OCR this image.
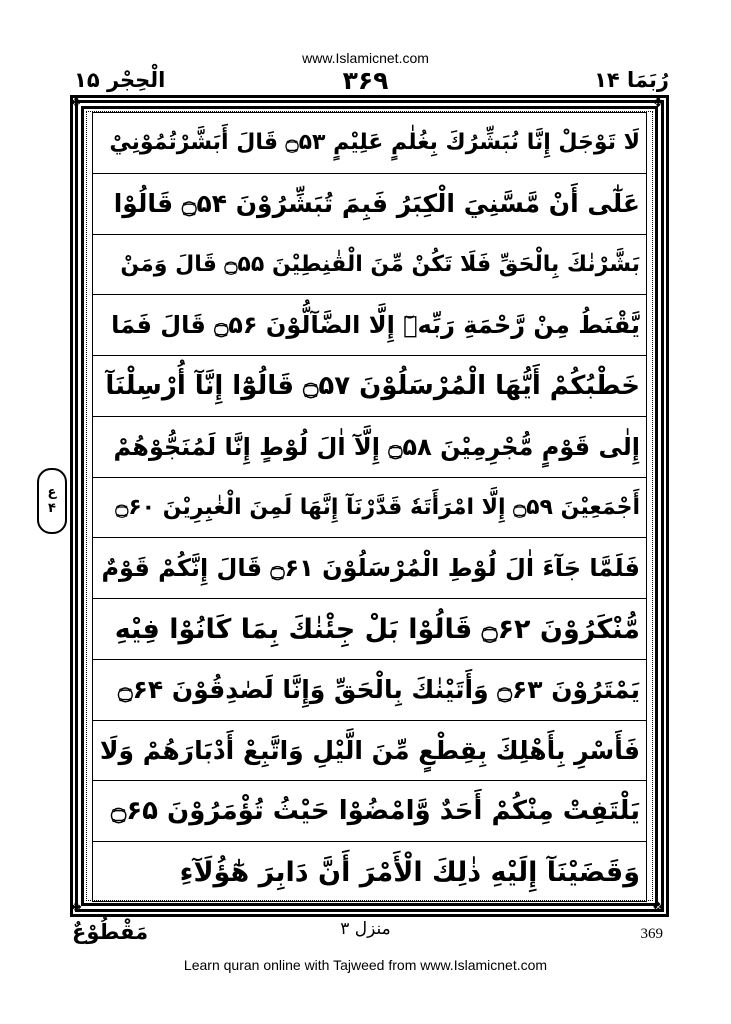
www.Islamicnet.com
الْحِجْر ۱۵	۳۶۹	رُبَمَا ۱۴
❖	❖
❖	❖
لَا تَوْجَلْ إِنَّا نُبَشِّرُكَ بِغُلٰمٍ عَلِيْمٍ ۝۵۳ قَالَ أَبَشَّرْتُمُوْنِيْ
عَلٰٓى أَنْ مَّسَّنِيَ الْكِبَرُ فَبِمَ تُبَشِّرُوْنَ ۝۵۴ قَالُوْا
بَشَّرْنٰكَ بِالْحَقِّ فَلَا تَكُنْ مِّنَ الْقٰنِطِيْنَ ۝۵۵ قَالَ وَمَنْ
يَّقْنَطُ مِنْ رَّحْمَةِ رَبِّهٖٓ إِلَّا الضَّآلُّوْنَ ۝۵۶ قَالَ فَمَا
خَطْبُكُمْ أَيُّهَا الْمُرْسَلُوْنَ ۝۵۷ قَالُوْٓا إِنَّآ أُرْسِلْنَآ
إِلٰى قَوْمٍ مُّجْرِمِيْنَ ۝۵۸ إِلَّآ اٰلَ لُوْطٍ إِنَّا لَمُنَجُّوْهُمْ
أَجْمَعِيْنَ ۝۵۹ إِلَّا امْرَأَتَهٗ قَدَّرْنَآ إِنَّهَا لَمِنَ الْغٰبِرِيْنَ ۝۶۰
فَلَمَّا جَآءَ اٰلَ لُوْطِ الْمُرْسَلُوْنَ ۝۶۱ قَالَ إِنَّكُمْ قَوْمٌ
مُّنْكَرُوْنَ ۝۶۲ قَالُوْا بَلْ جِئْنٰكَ بِمَا كَانُوْا فِيْهِ
يَمْتَرُوْنَ ۝۶۳ وَأَتَيْنٰكَ بِالْحَقِّ وَإِنَّا لَصٰدِقُوْنَ ۝۶۴
فَأَسْرِ بِأَهْلِكَ بِقِطْعٍ مِّنَ الَّيْلِ وَاتَّبِعْ أَدْبَارَهُمْ وَلَا
يَلْتَفِتْ مِنْكُمْ أَحَدٌ وَّامْضُوْا حَيْثُ تُؤْمَرُوْنَ ۝۶۵
وَقَضَيْنَآ إِلَيْهِ ذٰلِكَ الْأَمْرَ أَنَّ دَابِرَ هٰٓؤُلَآءِ
ع
۴
مَقْطُوْعٌ	منزل ۳	369
Learn quran online with Tajweed from www.Islamicnet.com
